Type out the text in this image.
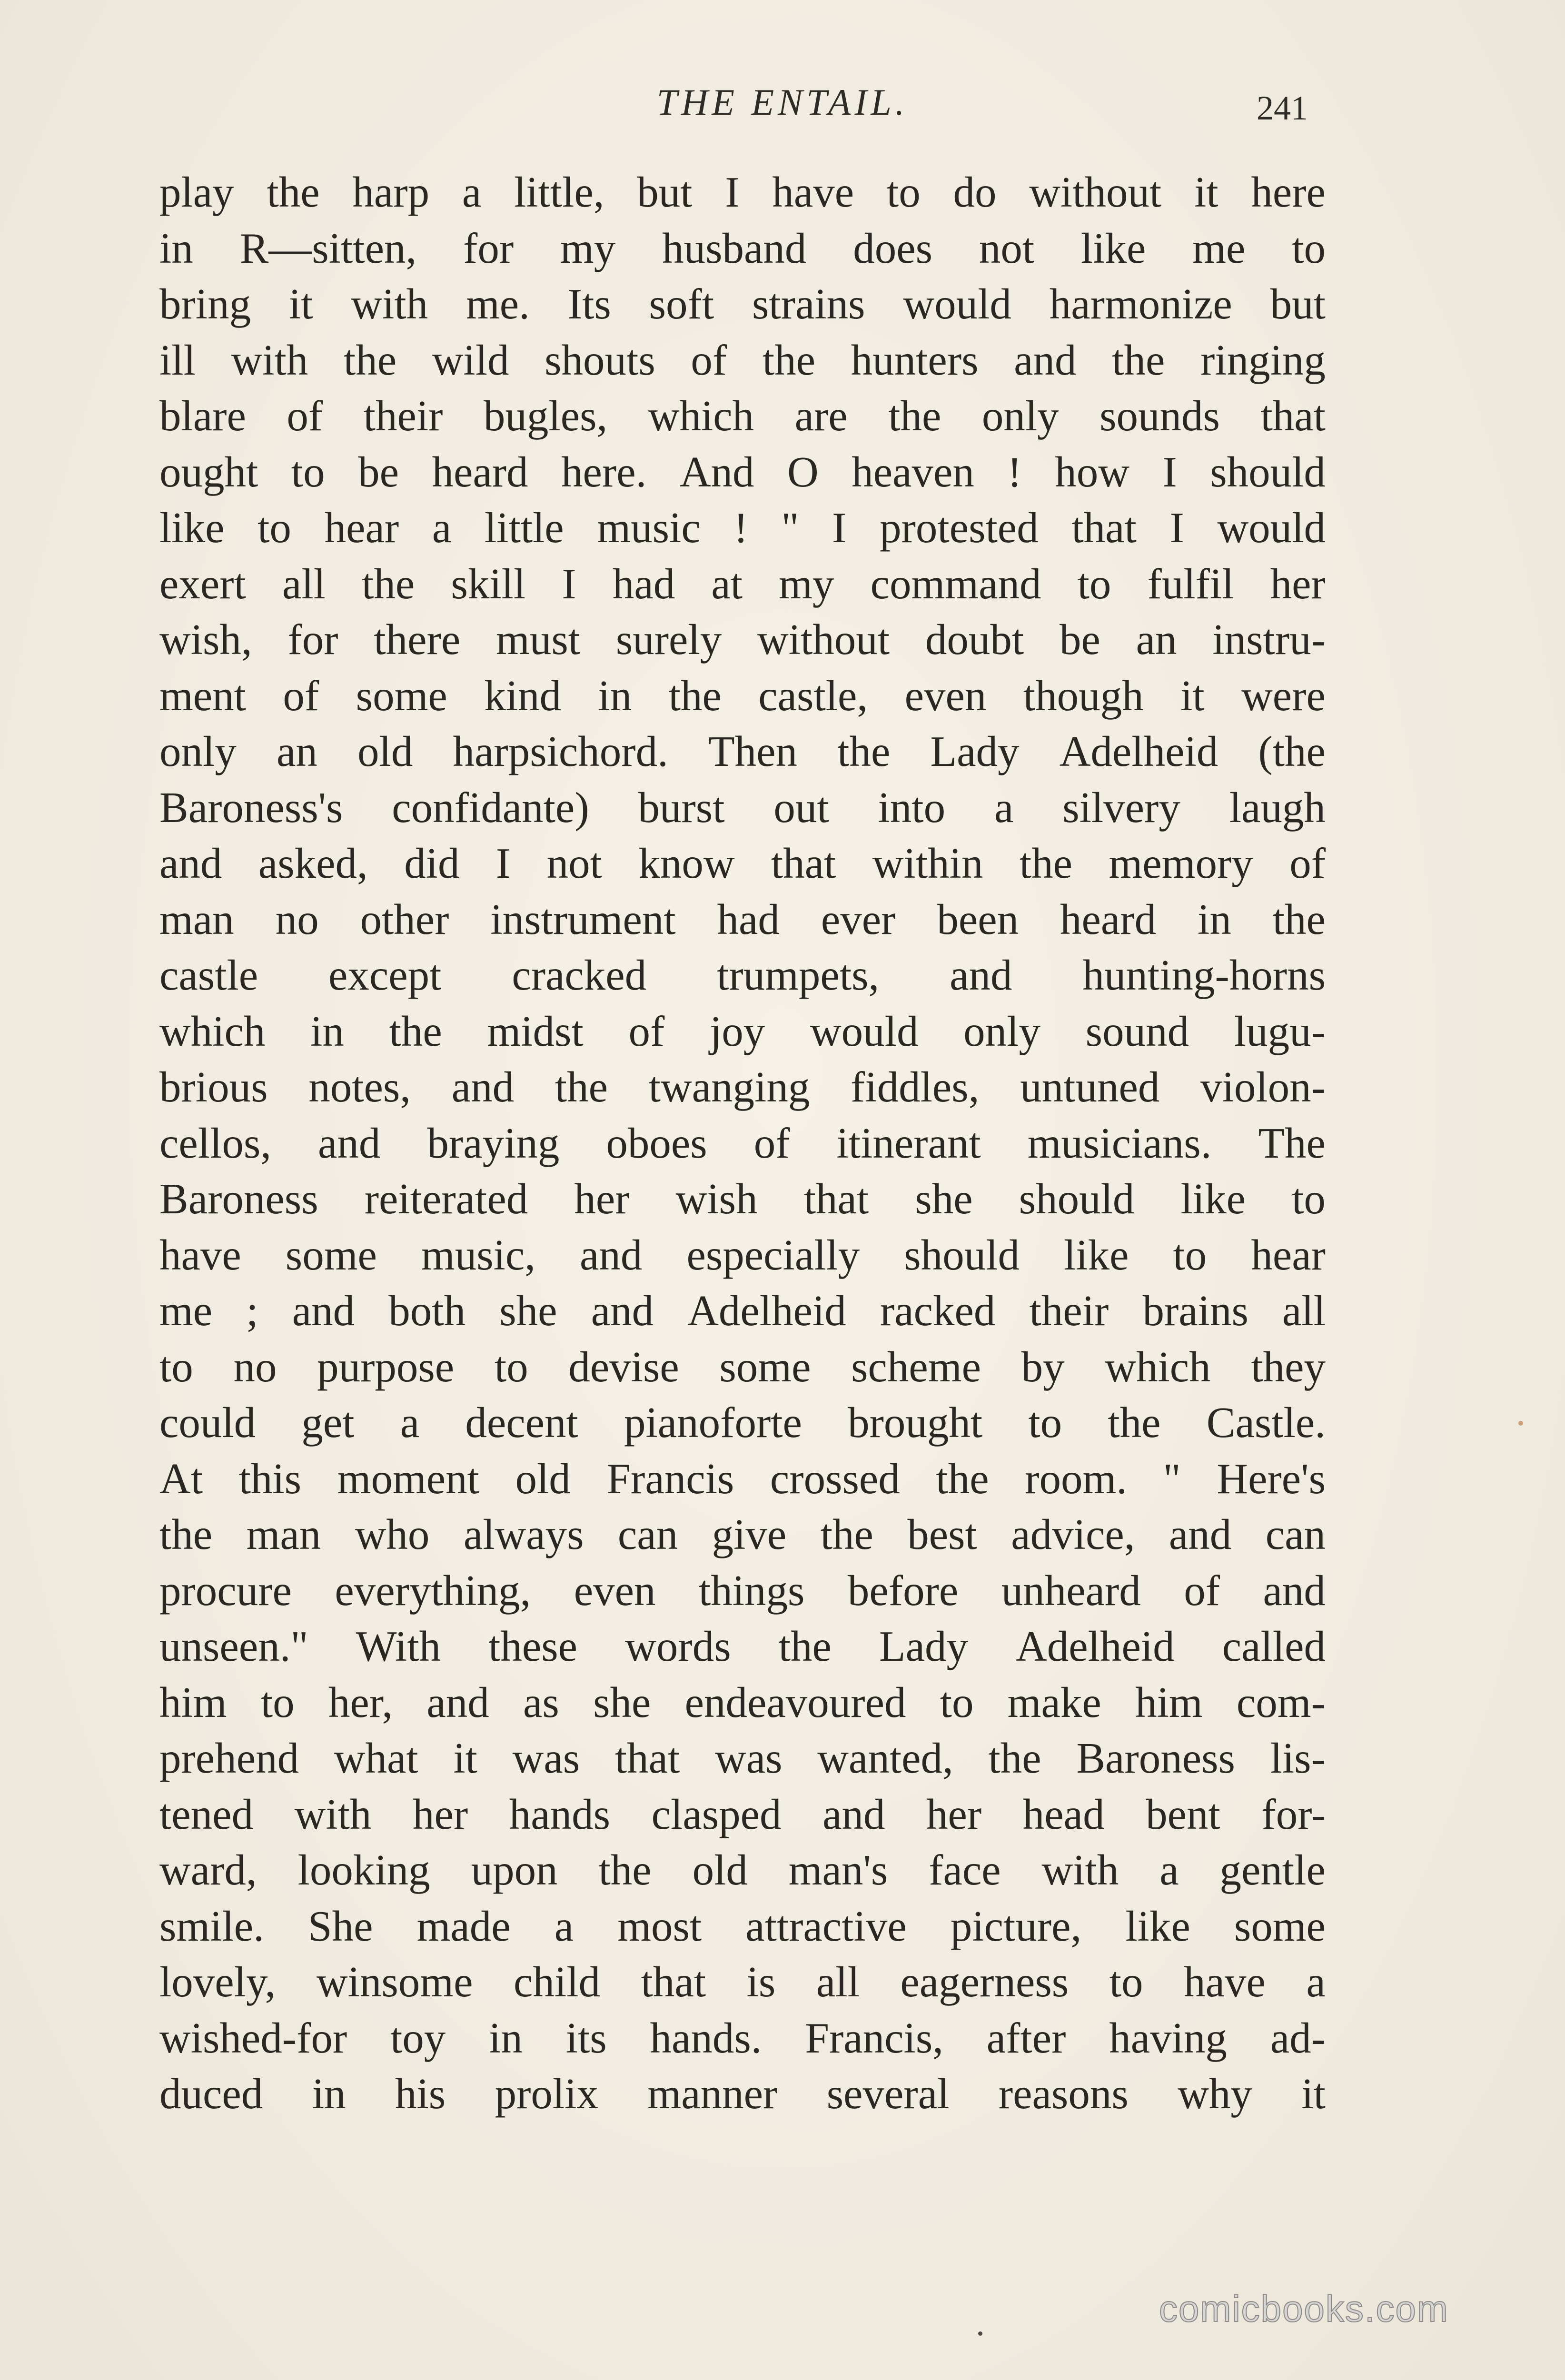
THE ENTAIL.	241
play the harp a little, but I have to do without it here
in R—sitten, for my husband does not like me to
bring it with me. Its soft strains would harmonize but
ill with the wild shouts of the hunters and the ringing
blare of their bugles, which are the only sounds that
ought to be heard here. And O heaven ! how I should
like to hear a little music ! " I protested that I would
exert all the skill I had at my command to fulfil her
wish, for there must surely without doubt be an instru-
ment of some kind in the castle, even though it were
only an old harpsichord. Then the Lady Adelheid (the
Baroness's confidante) burst out into a silvery laugh
and asked, did I not know that within the memory of
man no other instrument had ever been heard in the
castle except cracked trumpets, and hunting-horns
which in the midst of joy would only sound lugu-
brious notes, and the twanging fiddles, untuned violon-
cellos, and braying oboes of itinerant musicians. The
Baroness reiterated her wish that she should like to
have some music, and especially should like to hear
me ; and both she and Adelheid racked their brains all
to no purpose to devise some scheme by which they
could get a decent pianoforte brought to the Castle.
At this moment old Francis crossed the room. " Here's
the man who always can give the best advice, and can
procure everything, even things before unheard of and
unseen." With these words the Lady Adelheid called
him to her, and as she endeavoured to make him com-
prehend what it was that was wanted, the Baroness lis-
tened with her hands clasped and her head bent for-
ward, looking upon the old man's face with a gentle
smile. She made a most attractive picture, like some
lovely, winsome child that is all eagerness to have a
wished-for toy in its hands. Francis, after having ad-
duced in his prolix manner several reasons why it
comicbooks.com
